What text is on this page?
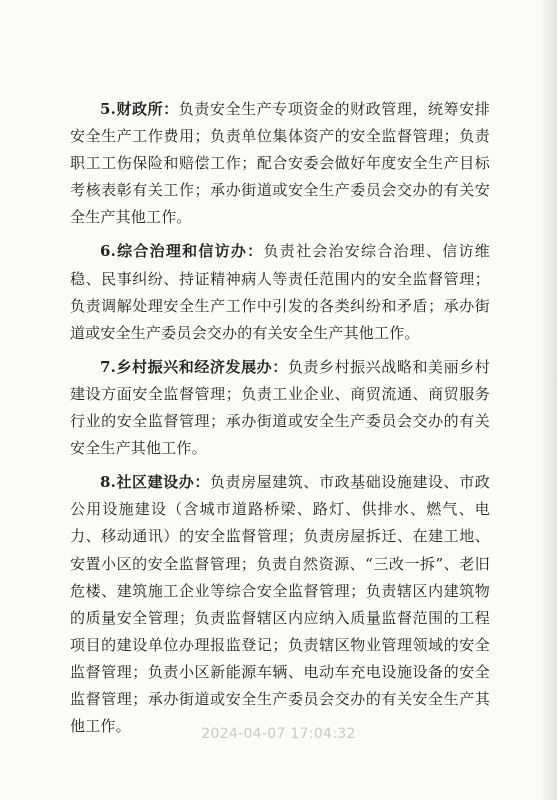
5.财政所：负责安全生产专项资金的财政管理，统筹安排安全生产工作费用；负责单位集体资产的安全监督管理；负责职工工伤保险和赔偿工作；配合安委会做好年度安全生产目标考核表彰有关工作；承办街道或安全生产委员会交办的有关安全生产其他工作。

6.综合治理和信访办：负责社会治安综合治理、信访维稳、民事纠纷、持证精神病人等责任范围内的安全监督管理；负责调解处理安全生产工作中引发的各类纠纷和矛盾；承办街道或安全生产委员会交办的有关安全生产其他工作。

7.乡村振兴和经济发展办：负责乡村振兴战略和美丽乡村建设方面安全监督管理；负责工业企业、商贸流通、商贸服务行业的安全监督管理；承办街道或安全生产委员会交办的有关安全生产其他工作。

8.社区建设办：负责房屋建筑、市政基础设施建设、市政公用设施建设（含城市道路桥梁、路灯、供排水、燃气、电力、移动通讯）的安全监督管理；负责房屋拆迁、在建工地、安置小区的安全监督管理；负责自然资源、“三改一拆”、老旧危楼、建筑施工企业等综合安全监督管理；负责辖区内建筑物的质量安全管理；负责监督辖区内应纳入质量监督范围的工程项目的建设单位办理报监登记；负责辖区物业管理领域的安全监督管理；负责小区新能源车辆、电动车充电设施设备的安全监督管理；承办街道或安全生产委员会交办的有关安全生产其他工作。	2024-04-07 17:04:32
